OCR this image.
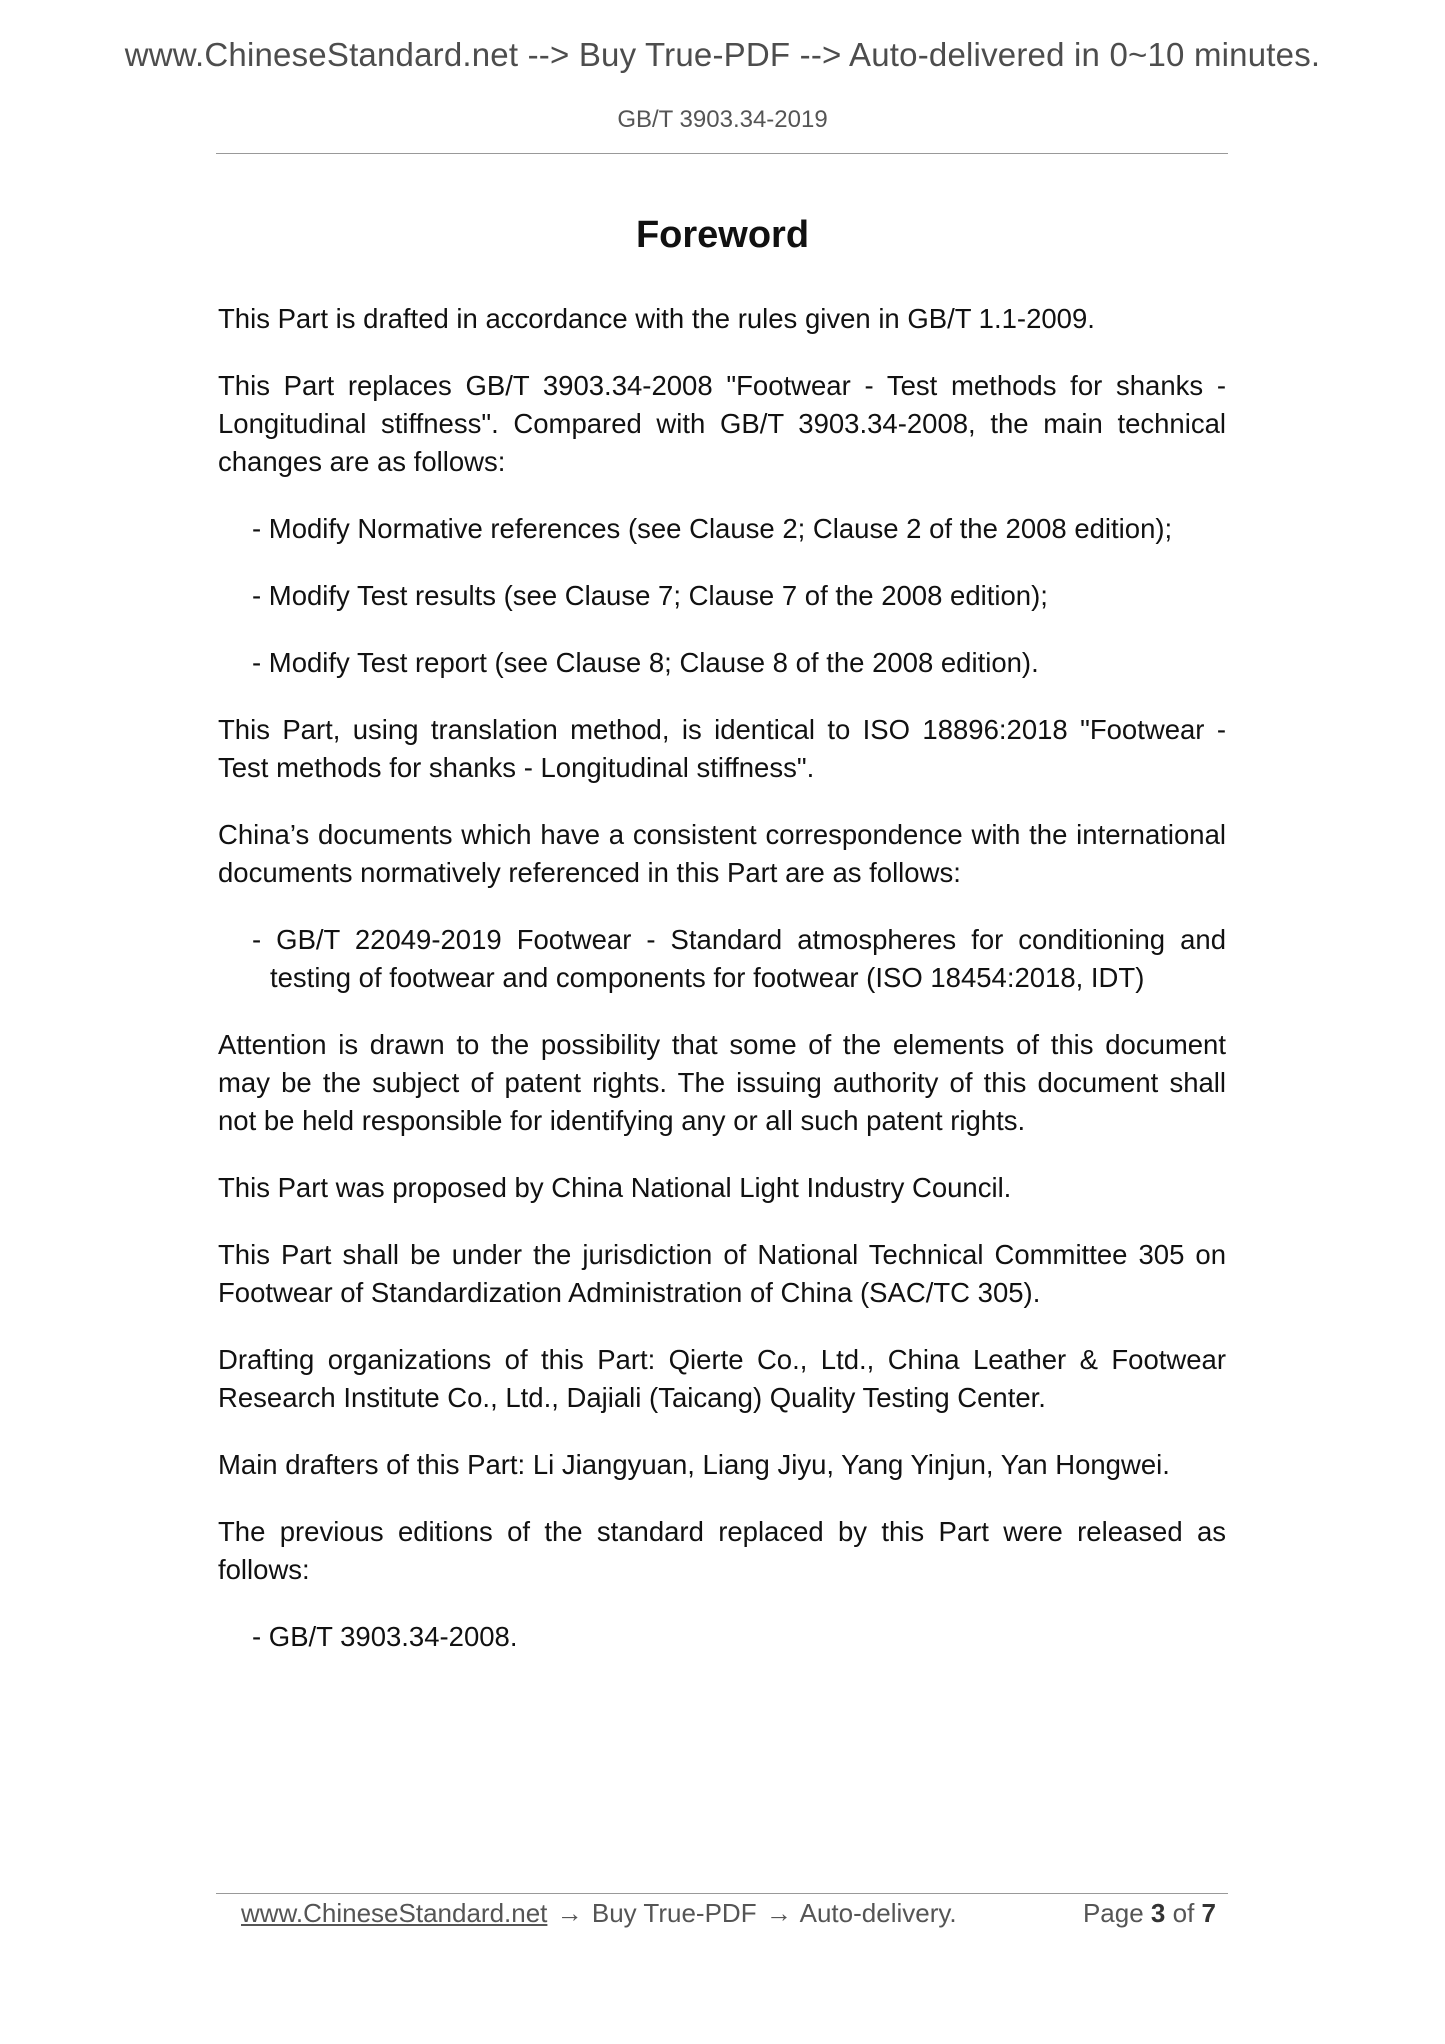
www.ChineseStandard.net --> Buy True-PDF --> Auto-delivered in 0~10 minutes.
GB/T 3903.34-2019
Foreword

This Part is drafted in accordance with the rules given in GB/T 1.1-2009.

This Part replaces GB/T 3903.34-2008 "Footwear - Test methods for shanks - Longitudinal stiffness". Compared with GB/T 3903.34-2008, the main technical changes are as follows:

- Modify Normative references (see Clause 2; Clause 2 of the 2008 edition);

- Modify Test results (see Clause 7; Clause 7 of the 2008 edition);

- Modify Test report (see Clause 8; Clause 8 of the 2008 edition).

This Part, using translation method, is identical to ISO 18896:2018 "Footwear - Test methods for shanks - Longitudinal stiffness".

China’s documents which have a consistent correspondence with the international documents normatively referenced in this Part are as follows:

- GB/T 22049-2019 Footwear - Standard atmospheres for conditioning and testing of footwear and components for footwear (ISO 18454:2018, IDT)

Attention is drawn to the possibility that some of the elements of this document may be the subject of patent rights. The issuing authority of this document shall not be held responsible for identifying any or all such patent rights.

This Part was proposed by China National Light Industry Council.

This Part shall be under the jurisdiction of National Technical Committee 305 on Footwear of Standardization Administration of China (SAC/TC 305).

Drafting organizations of this Part: Qierte Co., Ltd., China Leather & Footwear Research Institute Co., Ltd., Dajiali (Taicang) Quality Testing Center.

Main drafters of this Part: Li Jiangyuan, Liang Jiyu, Yang Yinjun, Yan Hongwei.

The previous editions of the standard replaced by this Part were released as follows:

- GB/T 3903.34-2008.

www.ChineseStandard.net → Buy True-PDF → Auto-delivery.	Page 3 of 7
